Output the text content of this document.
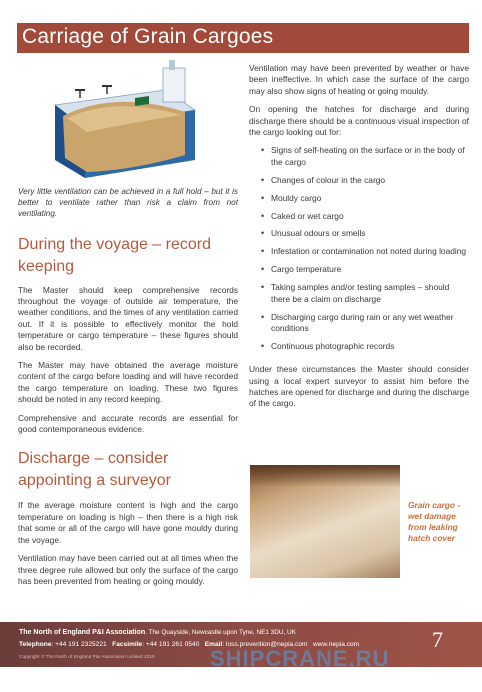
Carriage of Grain Cargoes

Very little ventilation can be achieved in a full hold – but it is better to ventilate rather than risk a claim from not ventilating.

During the voyage – record
keeping

The Master should keep comprehensive records throughout the voyage of outside air temperature, the weather conditions, and the times of any ventilation carried out. If it is possible to effectively monitor the hold temperature or cargo temperature – these figures should also be recorded.

The Master may have obtained the average moisture content of the cargo before loading and will have recorded the cargo temperature on loading. These two figures should be noted in any record keeping.

Comprehensive and accurate records are essential for good contemporaneous evidence.

Discharge – consider
appointing a surveyor

If the average moisture content is high and the cargo temperature on loading is high – then there is a high risk that some or all of the cargo will have gone mouldy during the voyage.

Ventilation may have been carried out at all times when the three degree rule allowed but only the surface of the cargo has been prevented from heating or going mouldy.

Ventilation may have been prevented by weather or have been ineffective. In which case the surface of the cargo may also show signs of heating or going mouldy.

On opening the hatches for discharge and during discharge there should be a continuous visual inspection of the cargo looking out for:

• Signs of self-heating on the surface or in the body of the cargo
• Changes of colour in the cargo
• Mouldy cargo
• Caked or wet cargo
• Unusual odours or smells
• Infestation or contamination not noted during loading
• Cargo temperature
• Taking samples and/or testing samples – should there be a claim on discharge
• Discharging cargo during rain or any wet weather conditions
• Continuous photographic records

Under these circumstances the Master should consider using a local expert surveyor to assist him before the hatches are opened for discharge and during the discharge of the cargo.

Grain cargo - wet damage from leaking hatch cover
The North of England P&I Association. The Quayside, Newcastle upon Tyne, NE1 3DU, UK
Telephone: +44 191 2325221 Facsimile: +44 191 261 0540 Email: loss.prevention@nepia.com www.nepia.com
Copyright © The North of England P&I Association Limited 2015
7
SHIPCRANE.RU
